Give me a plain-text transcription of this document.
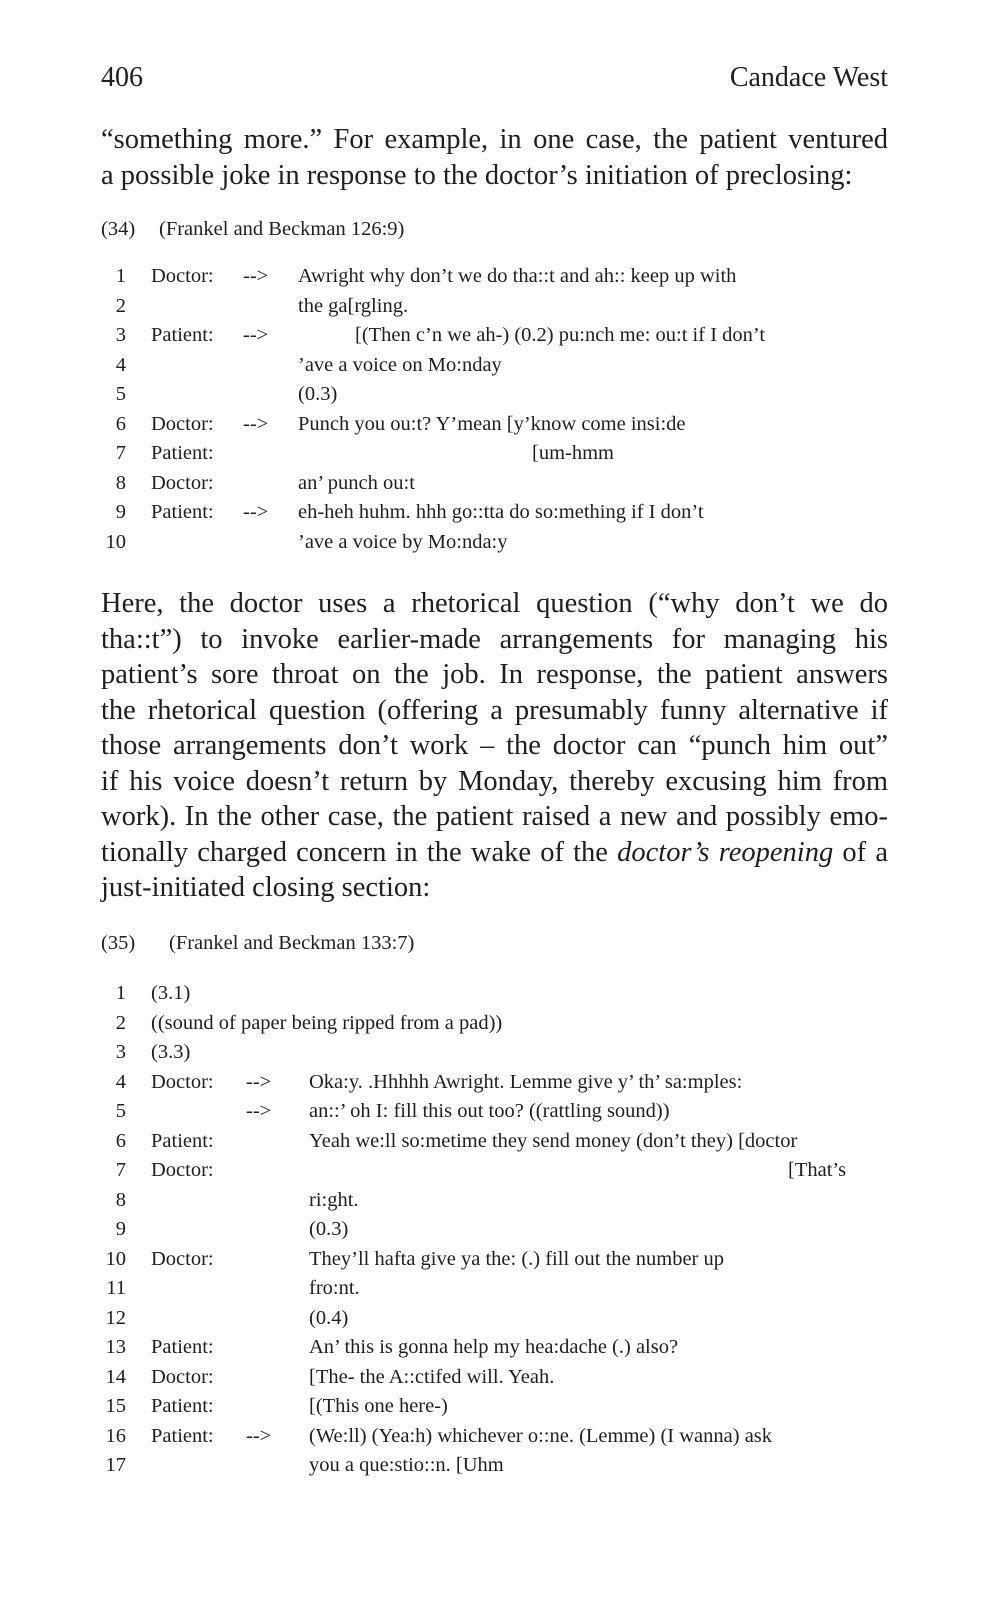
406	Candace West
“something more.” For example, in one case, the patient ventured
a possible joke in response to the doctor’s initiation of preclosing:
(34) (Frankel and Beckman 126:9)
1 Doctor: --> Awright why don’t we do tha::t and ah:: keep up with
2	the ga[rgling.
3 Patient: -->	[(Then c’n we ah-) (0.2) pu:nch me: ou:t if I don’t
4	’ave a voice on Mo:nday
5	(0.3)
6 Doctor: --> Punch you ou:t? Y’mean [y’know come insi:de
7 Patient:	[um-hmm
8 Doctor:	an’ punch ou:t
9 Patient: --> eh-heh huhm. hhh go::tta do so:mething if I don’t
10	’ave a voice by Mo:nda:y
Here, the doctor uses a rhetorical question (“why don’t we do
tha::t”) to invoke earlier-made arrangements for managing his
patient’s sore throat on the job. In response, the patient answers
the rhetorical question (offering a presumably funny alternative if
those arrangements don’t work – the doctor can “punch him out”
if his voice doesn’t return by Monday, thereby excusing him from
work). In the other case, the patient raised a new and possibly emo-
tionally charged concern in the wake of the doctor’s reopening of a
just-initiated closing section:
(35) (Frankel and Beckman 133:7)
1 (3.1)
2 ((sound of paper being ripped from a pad))
3 (3.3)
4 Doctor: --> Oka:y. .Hhhhh Awright. Lemme give y’ th’ sa:mples:
5	--> an::’ oh I: fill this out too? ((rattling sound))
6 Patient:	Yeah we:ll so:metime they send money (don’t they) [doctor
7 Doctor:	[That’s
8	ri:ght.
9	(0.3)
10 Doctor:	They’ll hafta give ya the: (.) fill out the number up
11	fro:nt.
12	(0.4)
13 Patient:	An’ this is gonna help my hea:dache (.) also?
14 Doctor:	[The- the A::ctifed will. Yeah.
15 Patient:	[(This one here-)
16 Patient: --> (We:ll) (Yea:h) whichever o::ne. (Lemme) (I wanna) ask
17	you a que:stio::n. [Uhm
